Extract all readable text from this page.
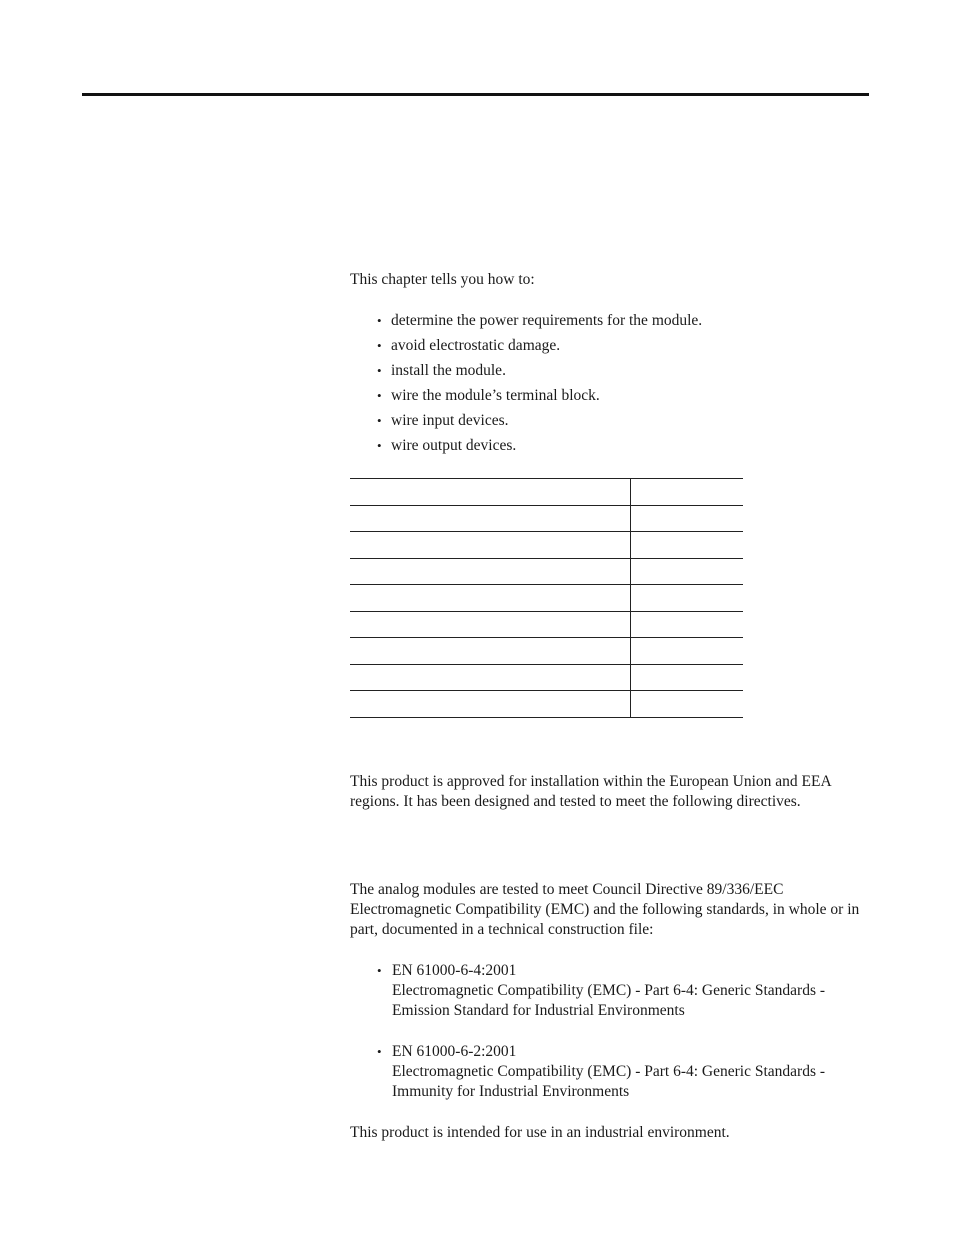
This chapter tells you how to:

• determine the power requirements for the module.
• avoid electrostatic damage.
• install the module.
• wire the module’s terminal block.
• wire input devices.
• wire output devices.

This product is approved for installation within the European Union and EEA regions. It has been designed and tested to meet the following directives.

The analog modules are tested to meet Council Directive 89/336/EEC Electromagnetic Compatibility (EMC) and the following standards, in whole or in part, documented in a technical construction file:

• EN 61000-6-4:2001
Electromagnetic Compatibility (EMC) - Part 6-4: Generic Standards -
Emission Standard for Industrial Environments
• EN 61000-6-2:2001
Electromagnetic Compatibility (EMC) - Part 6-4: Generic Standards -
Immunity for Industrial Environments

This product is intended for use in an industrial environment.
